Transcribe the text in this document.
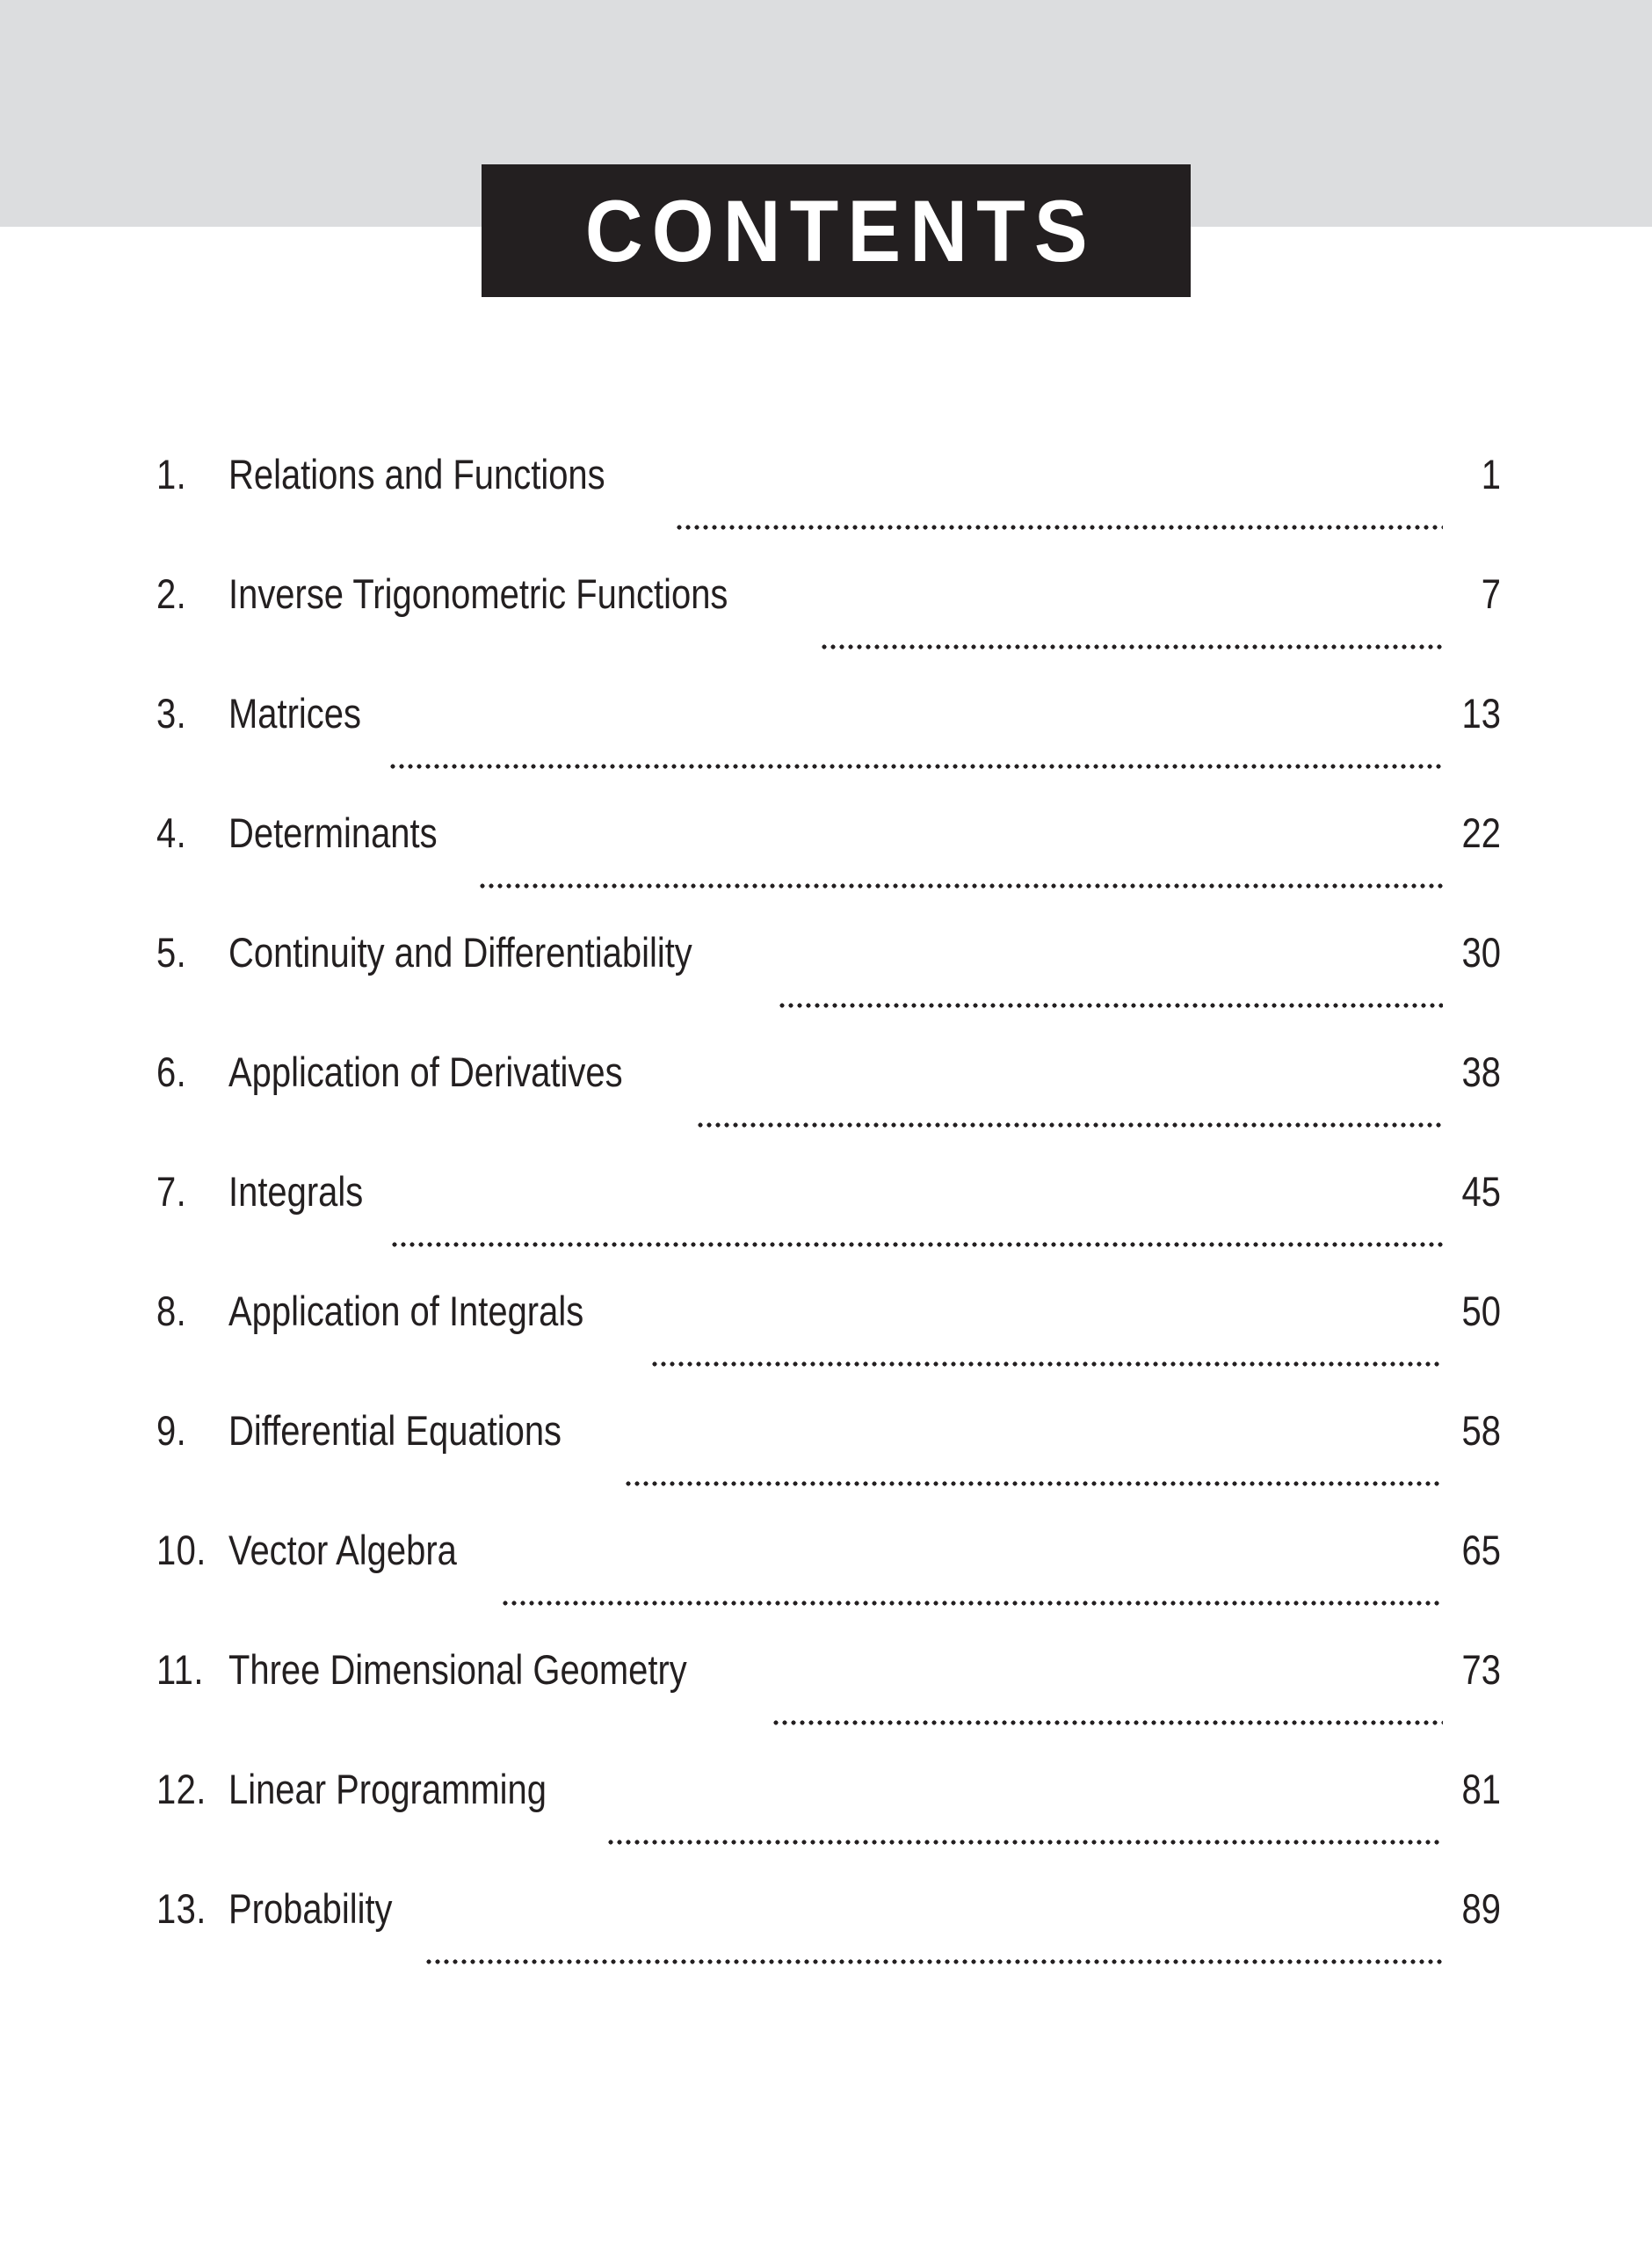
CONTENTS
1.	Relations and Functions	1
2.	Inverse Trigonometric Functions	7
3.	Matrices	13
4.	Determinants	22
5.	Continuity and Differentiability	30
6.	Application of Derivatives	38
7.	Integrals	45
8.	Application of Integrals	50
9.	Differential Equations	58
10. Vector Algebra	65
11. Three Dimensional Geometry	73
12. Linear Programming	81
13. Probability	89
